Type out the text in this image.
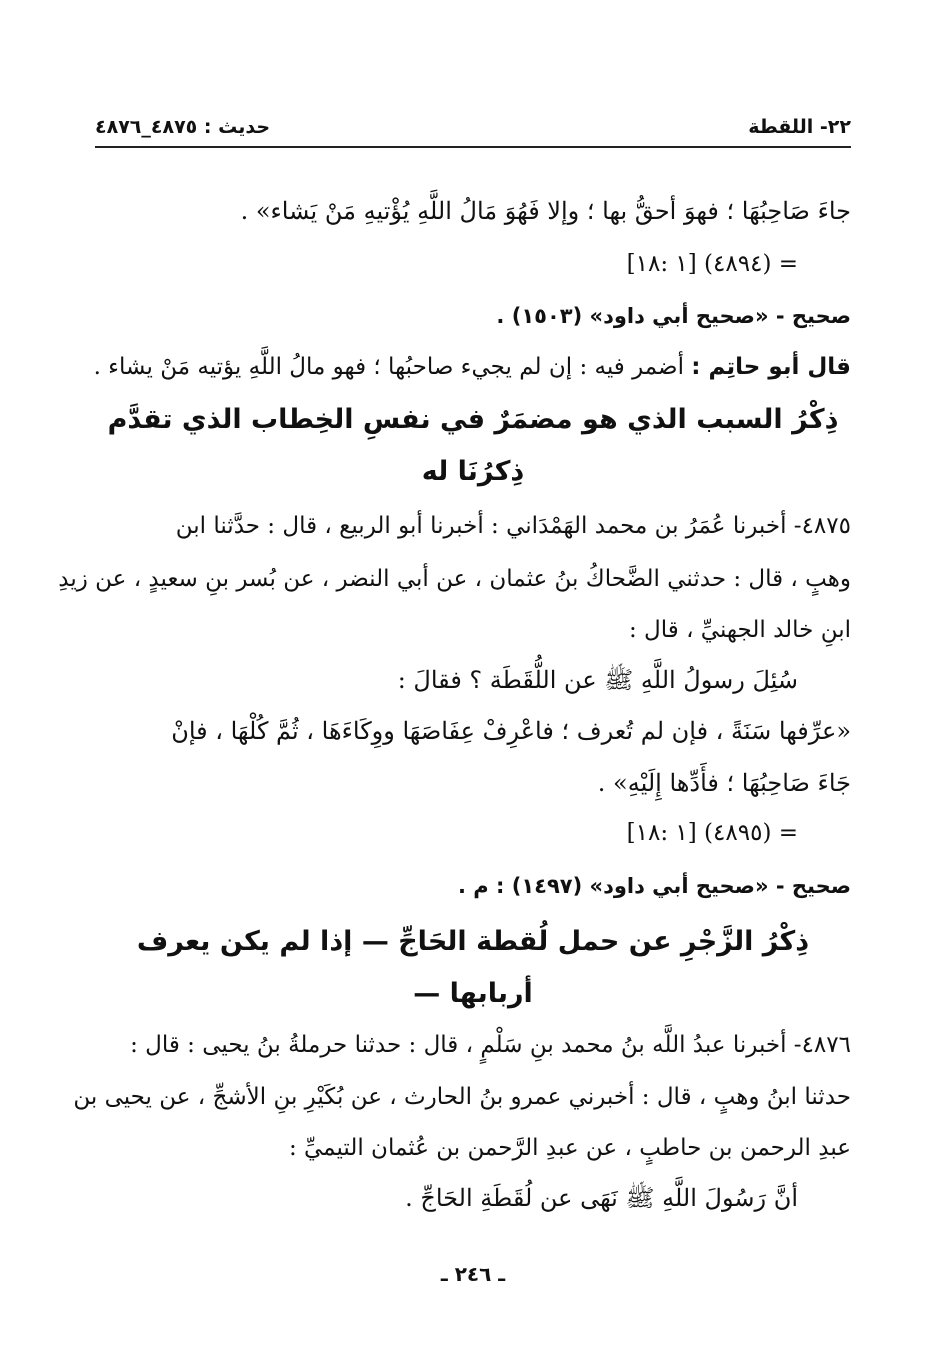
٢٢- اللقطة
حديث : ٤٨٧٥_٤٨٧٦
جاءَ صَاحِبُهَا ؛ فهوَ أحقُّ بها ؛ وإلا فَهُوَ مَالُ اللَّهِ يُؤْتيهِ مَنْ يَشاء» .
= (٤٨٩٤) [١ :١٨]
صحيح - «صحيح أبي داود» (١٥٠٣) .
قال أبو حاتِم : أضمر فيه : إن لم يجيء صاحبُها ؛ فهو مالُ اللَّهِ يؤتيه مَنْ يشاء .
ذِكْرُ السبب الذي هو مضمَرٌ في نفسِ الخِطاب الذي تقدَّم
ذِكرُنَا له
٤٨٧٥- أخبرنا عُمَرُ بن محمد الهَمْدَاني : أخبرنا أبو الربيع ، قال : حدَّثنا ابن
وهبٍ ، قال : حدثني الضَّحاكُ بنُ عثمان ، عن أبي النضر ، عن بُسر بنِ سعيدٍ ، عن زيدِ
ابنِ خالد الجهنيِّ ، قال :
سُئِلَ رسولُ اللَّهِ ﷺ عن اللُّقَطَة ؟ فقالَ :
«عرِّفها سَنَةً ، فإن لم تُعرف ؛ فاعْرِفْ عِفَاصَهَا ووِكَاءَهَا ، ثُمَّ كُلْهَا ، فإنْ
جَاءَ صَاحِبُهَا ؛ فأَدِّها إِلَيْهِ» .
= (٤٨٩٥) [١ :١٨]
صحيح - «صحيح أبي داود» (١٤٩٧) : م .
ذِكْرُ الزَّجْرِ عن حمل لُقطة الحَاجِّ — إذا لم يكن يعرف
أربابها —
٤٨٧٦- أخبرنا عبدُ اللَّه بنُ محمد بنِ سَلْمٍ ، قال : حدثنا حرملةُ بنُ يحيى : قال :
حدثنا ابنُ وهبٍ ، قال : أخبرني عمرو بنُ الحارث ، عن بُكَيْرِ بنِ الأشجِّ ، عن يحيى بن
عبدِ الرحمن بن حاطبٍ ، عن عبدِ الرَّحمن بن عُثمان التيميِّ :
أنَّ رَسُولَ اللَّهِ ﷺ نَهَى عن لُقَطَةِ الحَاجِّ .
ـ ٢٤٦ ـ
